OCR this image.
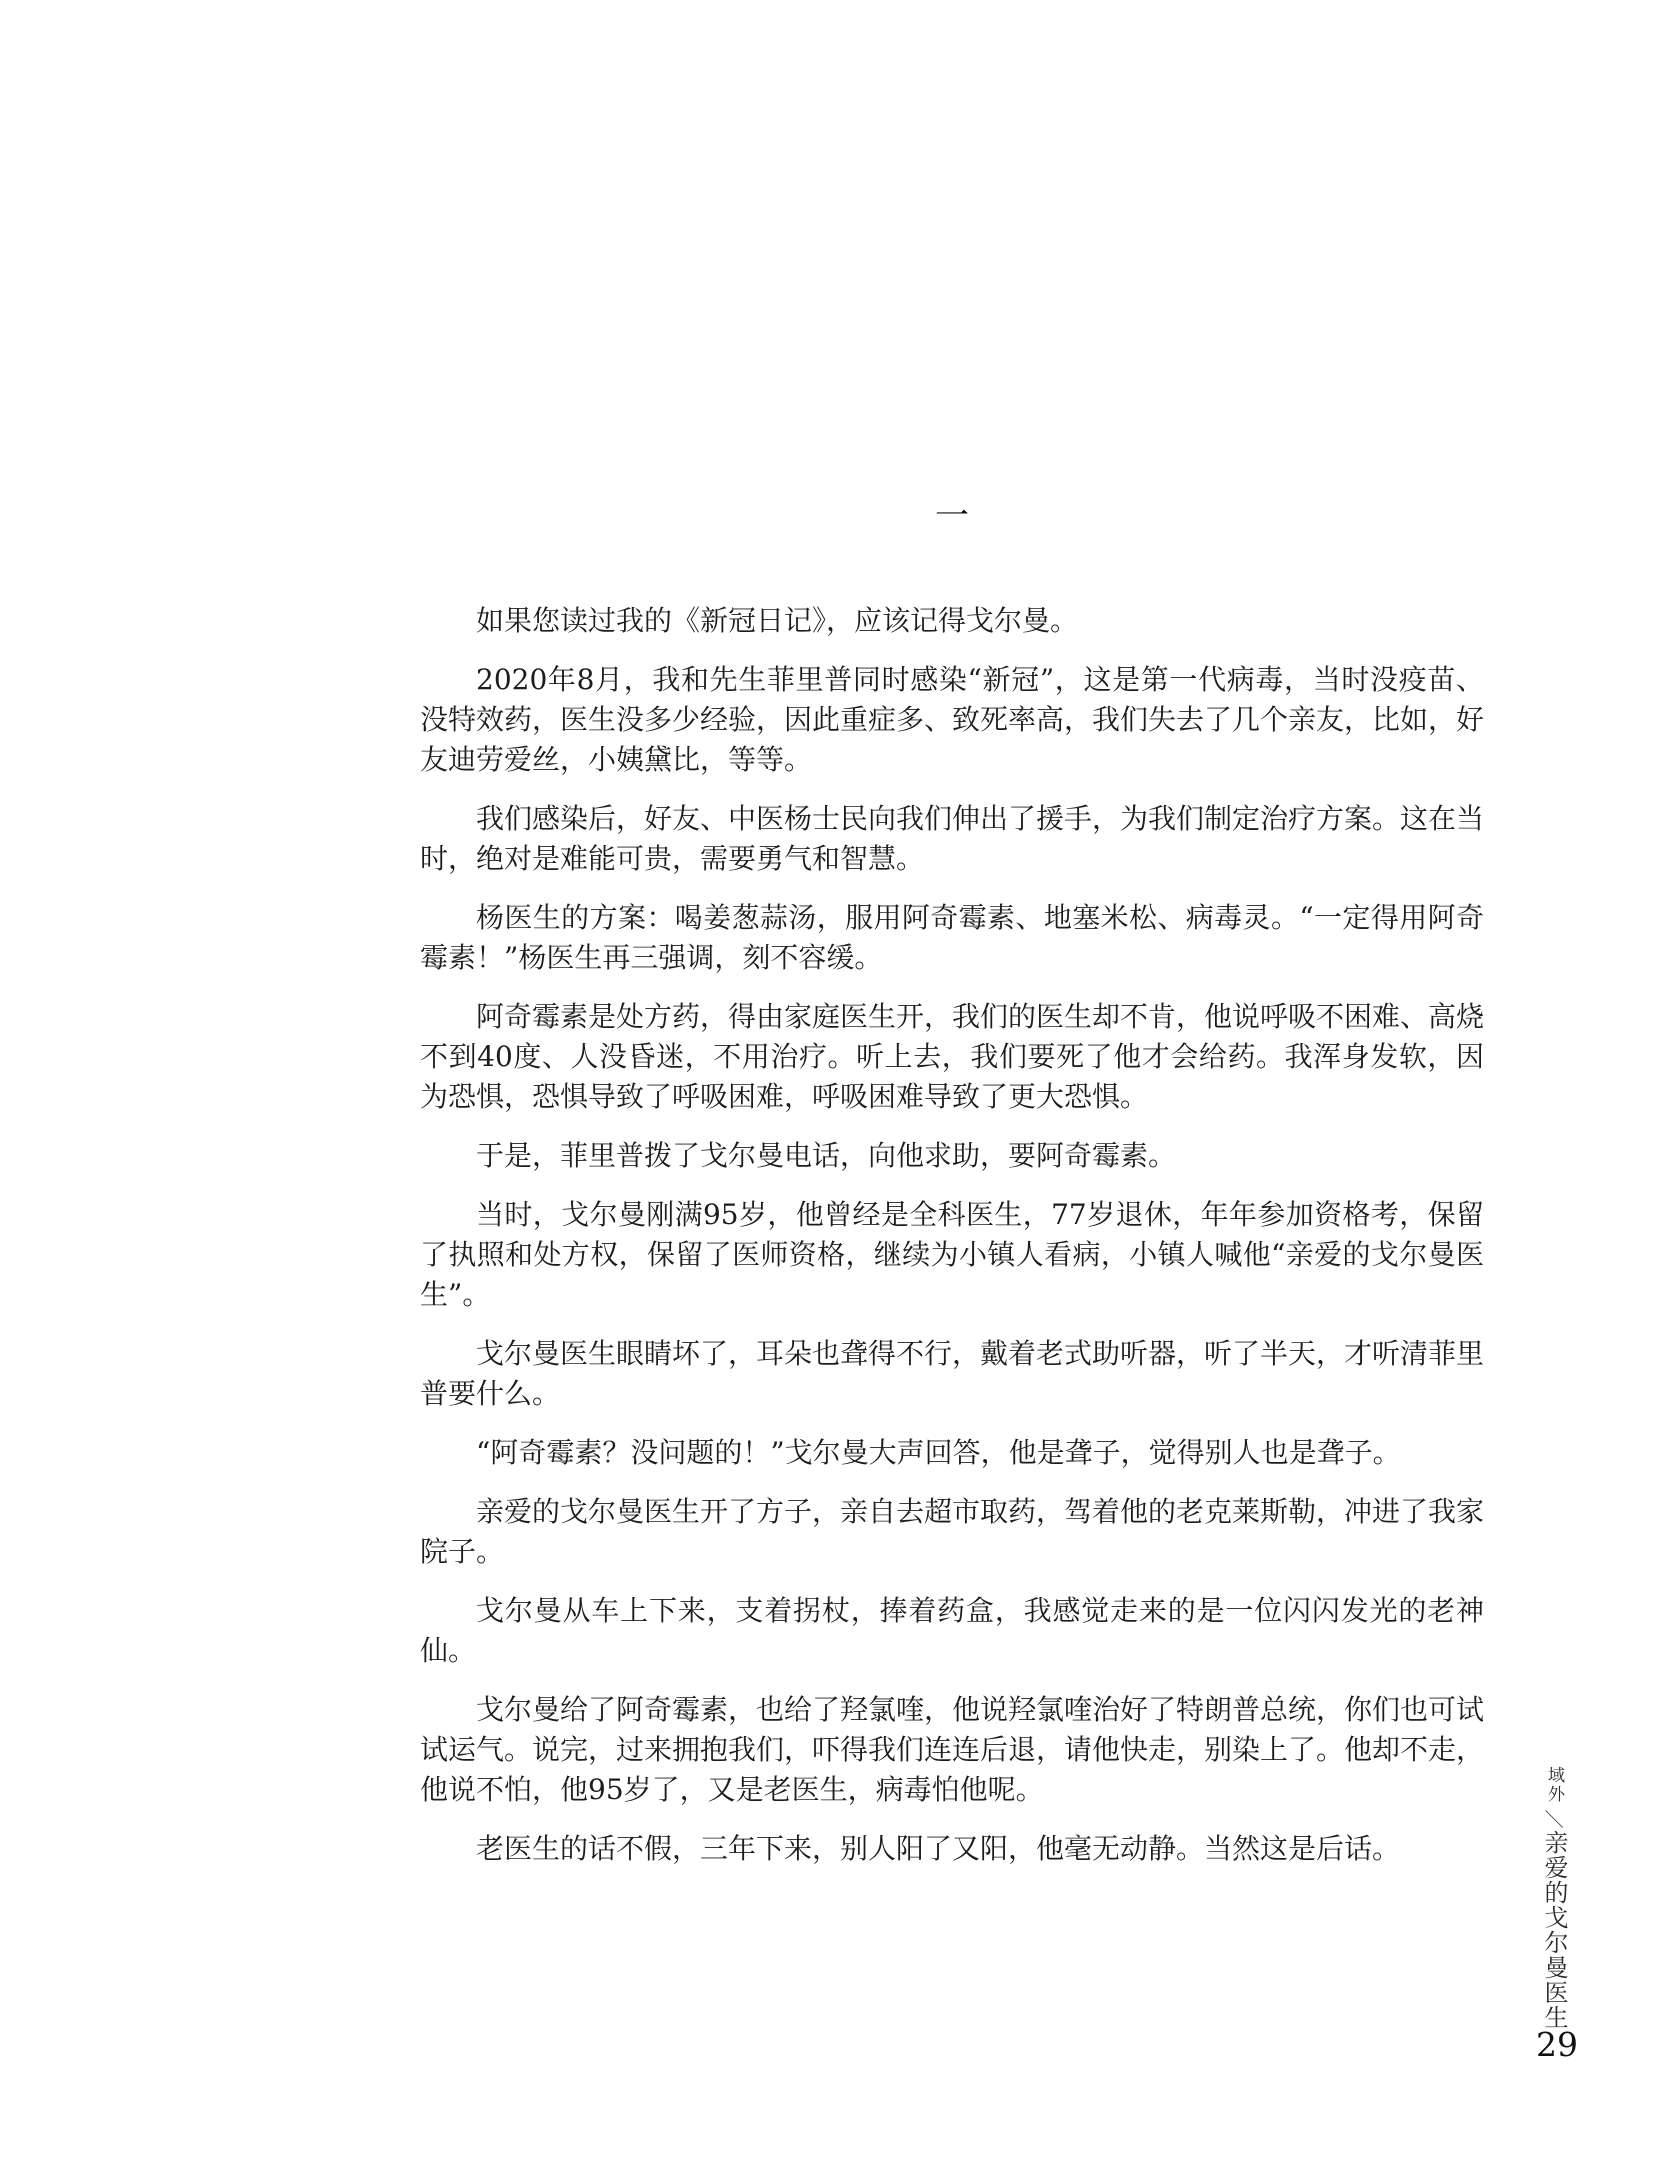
一

如果您读过我的《新冠日记》，应该记得戈尔曼。

2020年8月，我和先生菲里普同时感染“新冠”，这是第一代病毒，当时没疫苗、没特效药，医生没多少经验，因此重症多、致死率高，我们失去了几个亲友，比如，好友迪劳爱丝，小姨黛比，等等。

我们感染后，好友、中医杨士民向我们伸出了援手，为我们制定治疗方案。这在当时，绝对是难能可贵，需要勇气和智慧。

杨医生的方案：喝姜葱蒜汤，服用阿奇霉素、地塞米松、病毒灵。“一定得用阿奇霉素！”杨医生再三强调，刻不容缓。

阿奇霉素是处方药，得由家庭医生开，我们的医生却不肯，他说呼吸不困难、高烧不到40度、人没昏迷，不用治疗。听上去，我们要死了他才会给药。我浑身发软，因为恐惧，恐惧导致了呼吸困难，呼吸困难导致了更大恐惧。

于是，菲里普拨了戈尔曼电话，向他求助，要阿奇霉素。

当时，戈尔曼刚满95岁，他曾经是全科医生，77岁退休，年年参加资格考，保留了执照和处方权，保留了医师资格，继续为小镇人看病，小镇人喊他“亲爱的戈尔曼医生”。

戈尔曼医生眼睛坏了，耳朵也聋得不行，戴着老式助听器，听了半天，才听清菲里普要什么。

“阿奇霉素？没问题的！”戈尔曼大声回答，他是聋子，觉得别人也是聋子。

亲爱的戈尔曼医生开了方子，亲自去超市取药，驾着他的老克莱斯勒，冲进了我家院子。

戈尔曼从车上下来，支着拐杖，捧着药盒，我感觉走来的是一位闪闪发光的老神仙。

戈尔曼给了阿奇霉素，也给了羟氯喹，他说羟氯喹治好了特朗普总统，你们也可试试运气。说完，过来拥抱我们，吓得我们连连后退，请他快走，别染上了。他却不走，他说不怕，他95岁了，又是老医生，病毒怕他呢。

老医生的话不假，三年下来，别人阳了又阳，他毫无动静。当然这是后话。

域外／亲爱的戈尔曼医生
29
